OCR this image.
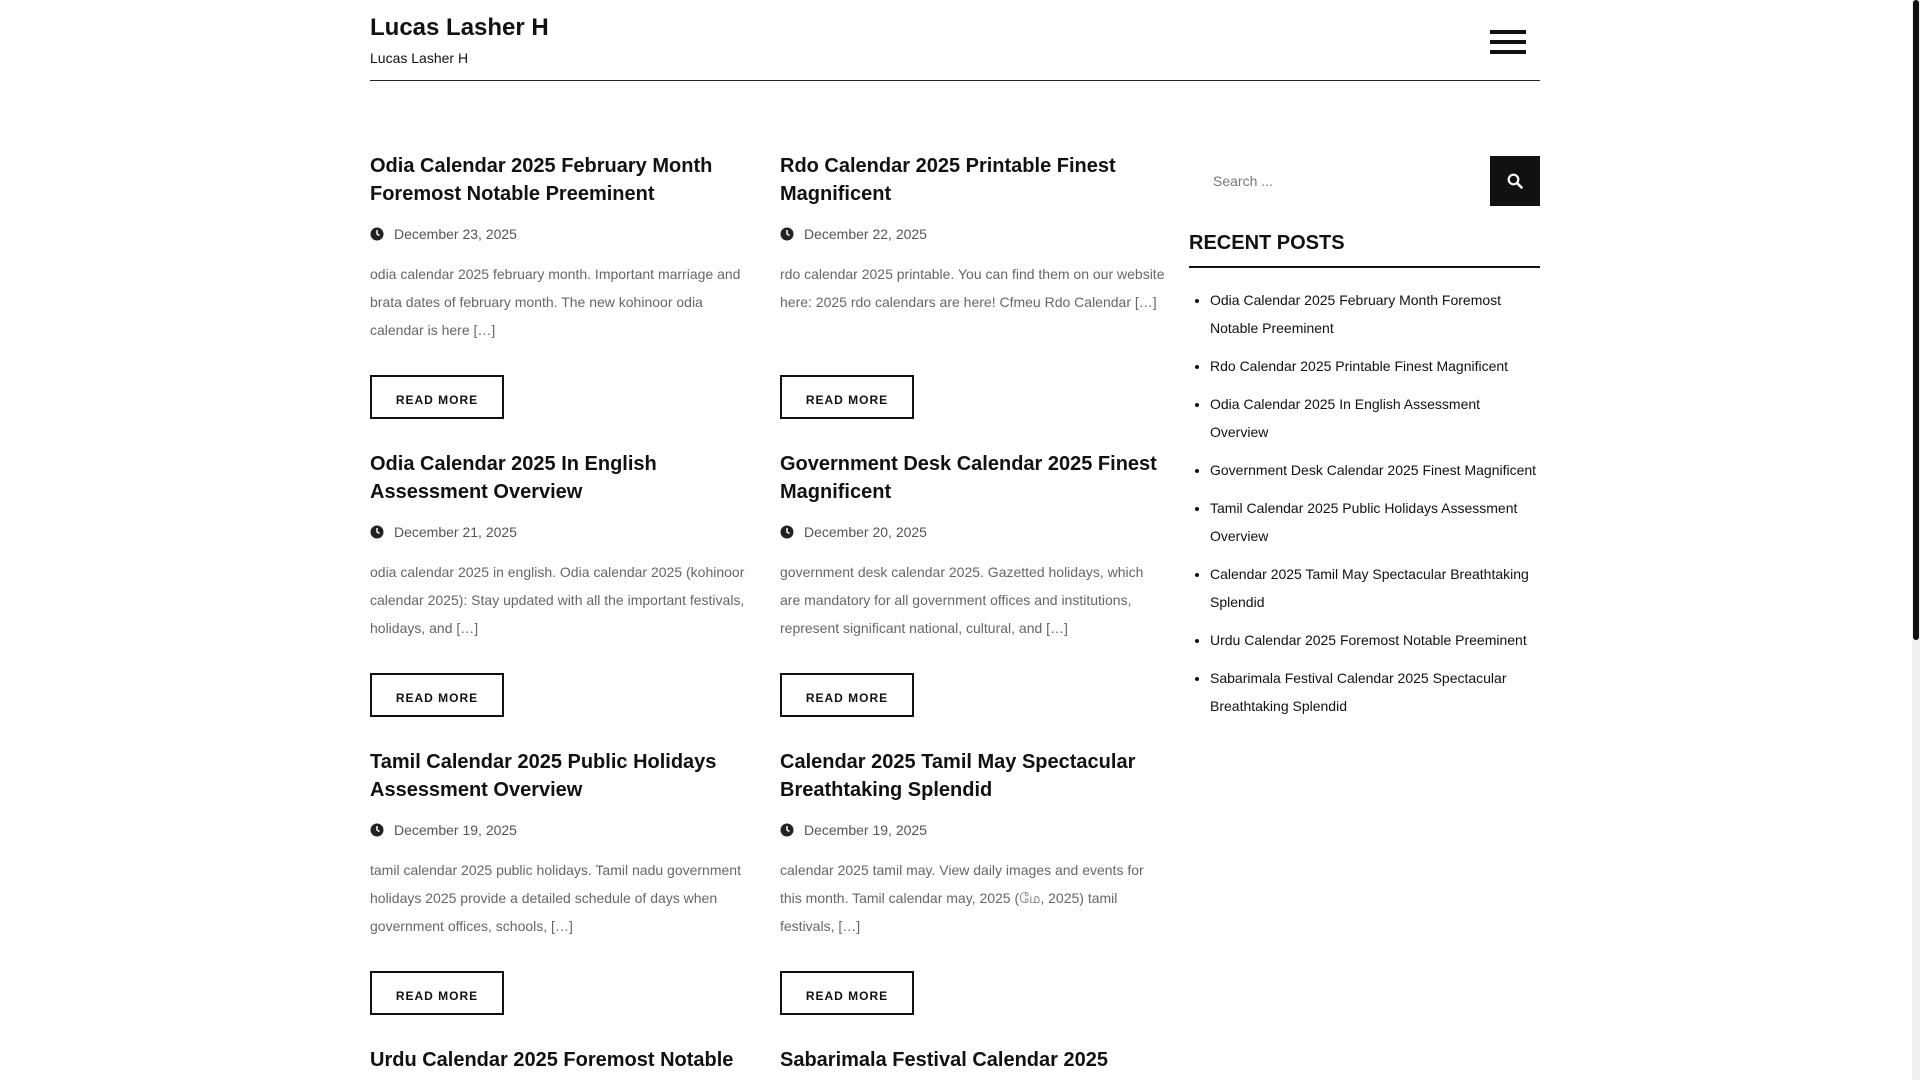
Lucas Lasher H
Lucas Lasher H
Odia Calendar 2025 February Month Foremost Notable Preeminent
December 23, 2025
odia calendar 2025 february month. Important marriage and brata dates of february month. The new kohinoor odia calendar is here […]
READ MORE
Rdo Calendar 2025 Printable Finest Magnificent
December 22, 2025
rdo calendar 2025 printable. You can find them on our website here: 2025 rdo calendars are here! Cfmeu Rdo Calendar […]
READ MORE
Odia Calendar 2025 In English Assessment Overview
December 21, 2025
odia calendar 2025 in english. Odia calendar 2025 (kohinoor calendar 2025): Stay updated with all the important festivals, holidays, and […]
READ MORE
Government Desk Calendar 2025 Finest Magnificent
December 20, 2025
government desk calendar 2025. Gazetted holidays, which are mandatory for all government offices and institutions, represent significant national, cultural, and […]
READ MORE
Tamil Calendar 2025 Public Holidays Assessment Overview
December 19, 2025
tamil calendar 2025 public holidays. Tamil nadu government holidays 2025 provide a detailed schedule of days when government offices, schools, […]
READ MORE
Calendar 2025 Tamil May Spectacular Breathtaking Splendid
December 19, 2025
calendar 2025 tamil may. View daily images and events for this month. Tamil calendar may, 2025 (மே, 2025) tamil festivals, […]
READ MORE
Urdu Calendar 2025 Foremost Notable	Sabarimala Festival Calendar 2025
Search ...
RECENT POSTS
• Odia Calendar 2025 February Month Foremost Notable Preeminent
• Rdo Calendar 2025 Printable Finest Magnificent
• Odia Calendar 2025 In English Assessment Overview
• Government Desk Calendar 2025 Finest Magnificent
• Tamil Calendar 2025 Public Holidays Assessment Overview
• Calendar 2025 Tamil May Spectacular Breathtaking Splendid
• Urdu Calendar 2025 Foremost Notable Preeminent
• Sabarimala Festival Calendar 2025 Spectacular Breathtaking Splendid
